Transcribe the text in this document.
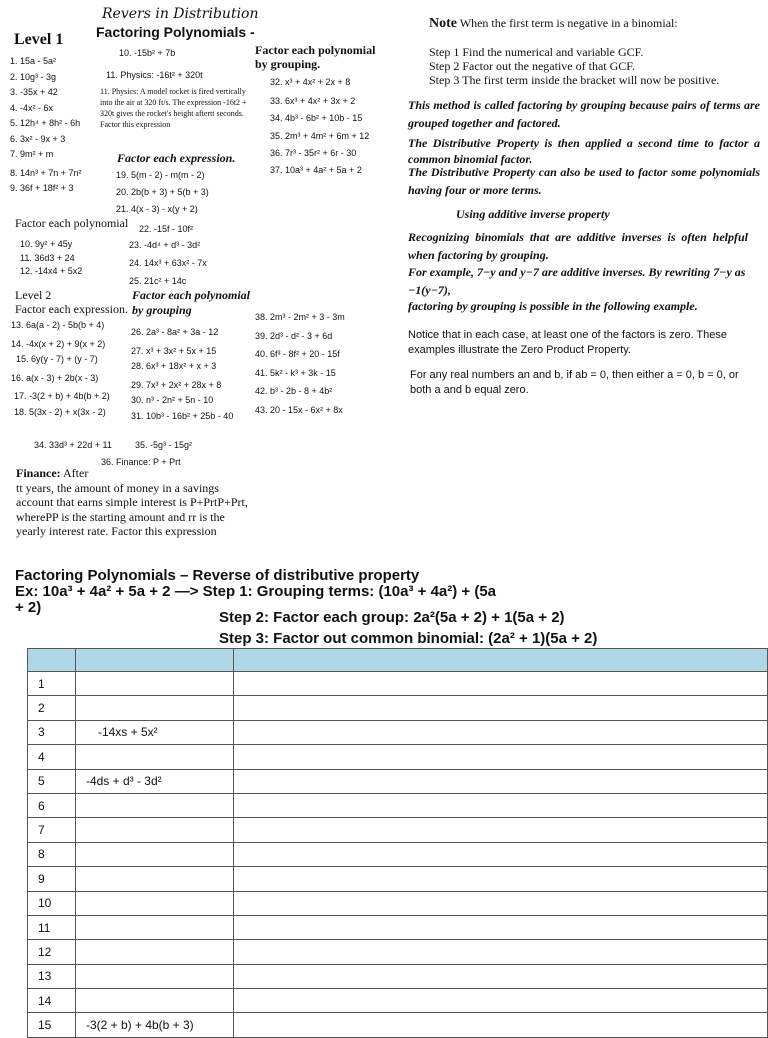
Revers in Distribution
Factoring Polynomials -
Level 1
1. 15a - 5a²
2. 10g³ - 3g
3. -35x + 42
4. -4x² - 6x
5. 12h⁴ + 8h² - 6h
6. 3x² - 9x + 3
7. 9m² + m
8. 14n³ + 7n + 7n²
9. 36f + 18f² + 3
Factor each polynomial
10. 9y² + 45y
11. 36d3 + 24
12. -14x4 + 5x2
Level 2
Factor each expression.
13. 6a(a - 2) - 5b(b + 4)
14. -4x(x + 2) + 9(x + 2)
15. 6y(y - 7) + (y - 7)
16. a(x - 3) + 2b(x - 3)
17. -3(2 + b) + 4b(b + 2)
18. 5(3x - 2) + x(3x - 2)
10. -15b² + 7b
11. Physics: -16t² + 320t
11. Physics: A model rocket is fired vertically into the air at 320 ft/s. The expression -16t2 + 320t gives the rocket's height aftertt seconds. Factor this expression
Factor each expression.
19. 5(m - 2) - m(m - 2)
20. 2b(b + 3) + 5(b + 3)
21. 4(x - 3) - x(y + 2)
22. -15f - 10f²
23. -4d⁴ + d³ - 3d²
24. 14x³ + 63x² - 7x
25. 21c² + 14c
Factor each polynomial
by grouping
26. 2a³ - 8a² + 3a - 12
27. x³ + 3x² + 5x + 15
28. 6x³ + 18x² + x + 3
29. 7x³ + 2x² + 28x + 8
30. n³ - 2n² + 5n - 10
31. 10b³ - 16b² + 25b - 40
34. 33d³ + 22d + 11	35. -5g³ - 15g²
36. Finance: P + Prt
Finance: After
tt years, the amount of money in a savings
account that earns simple interest is P+PrtP+Prt,
wherePP is the starting amount and rr is the
yearly interest rate. Factor this expression
Factor each polynomial
by grouping.
32. x³ + 4x² + 2x + 8
33. 6x³ + 4x² + 3x + 2
34. 4b³ - 6b² + 10b - 15
35. 2m³ + 4m² + 6m + 12
36. 7r³ - 35r² + 6r - 30
37. 10a³ + 4a² + 5a + 2
38. 2m³ - 2m² + 3 - 3m
39. 2d³ - d² - 3 + 6d
40. 6f³ - 8f² + 20 - 15f
41. 5k² - k³ + 3k - 15
42. b³ - 2b - 8 + 4b²
43. 20 - 15x - 6x² + 8x
Note When the first term is negative in a binomial:
Step 1 Find the numerical and variable GCF.
Step 2 Factor out the negative of that GCF.
Step 3 The first term inside the bracket will now be positive.
This method is called factoring by grouping because pairs of terms are grouped together and factored.
The Distributive Property is then applied a second time to factor a common binomial factor.
The Distributive Property can also be used to factor some polynomials having four or more terms.
Using additive inverse property
Recognizing binomials that are additive inverses is often helpful when factoring by grouping.
For example, 7−y and y−7 are additive inverses. By rewriting 7−y as −1(y−7),
factoring by grouping is possible in the following example.
Notice that in each case, at least one of the factors is zero. These examples illustrate the Zero Product Property.
For any real numbers an and b, if ab = 0, then either a = 0, b = 0, or both a and b equal zero.
Factoring Polynomials – Reverse of distributive property
Ex: 10a³ + 4a² + 5a + 2 —> Step 1: Grouping terms: (10a³ + 4a²) + (5a
+ 2)
Step 2: Factor each group: 2a²(5a + 2) + 1(5a + 2)
Step 3: Factor out common binomial: (2a² + 1)(5a + 2)

1		
2		
3	-14xs + 5x²	
4		
5	-4ds + d³ - 3d²	
6		
7		
8		
9		
10		
11		
12		
13		
14		
15	-3(2 + b) + 4b(b + 3)	
